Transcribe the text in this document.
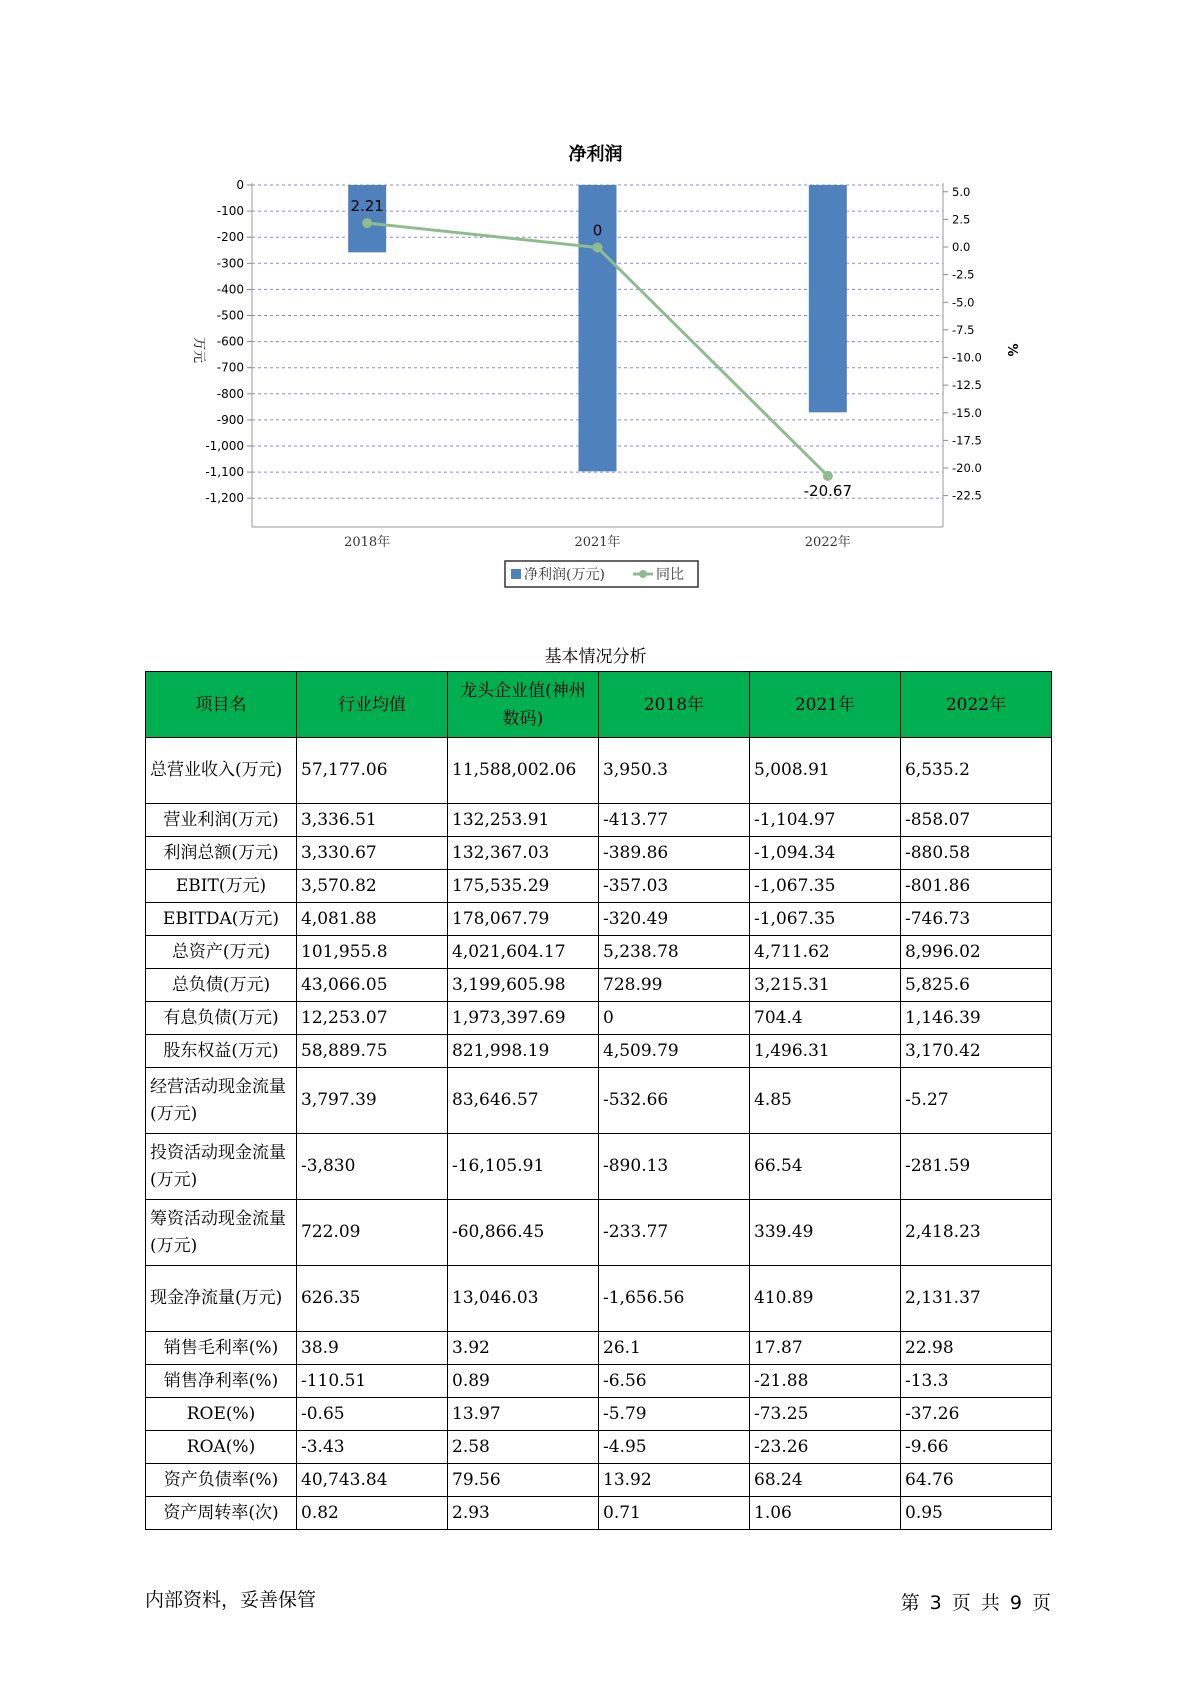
净利润
0
-100
-200
-300
-400
-500
-600
-700
-800
-900
-1,000
-1,100
-1,200
5.0
2.5
0.0
-2.5
-5.0
-7.5
-10.0
-12.5
-15.0
-17.5
-20.0
-22.5
万元	%
2018年	2021年	2022年
2.21
0
-20.67
净利润(万元)	同比
基本情况分析
项目名	行业均值	龙头企业值(神州数码)	2018年	2021年	2022年
总营业收入(万元)	57,177.06	11,588,002.06	3,950.3	5,008.91	6,535.2
营业利润(万元)	3,336.51	132,253.91	-413.77	-1,104.97	-858.07
利润总额(万元)	3,330.67	132,367.03	-389.86	-1,094.34	-880.58
EBIT(万元)	3,570.82	175,535.29	-357.03	-1,067.35	-801.86
EBITDA(万元)	4,081.88	178,067.79	-320.49	-1,067.35	-746.73
总资产(万元)	101,955.8	4,021,604.17	5,238.78	4,711.62	8,996.02
总负债(万元)	43,066.05	3,199,605.98	728.99	3,215.31	5,825.6
有息负债(万元)	12,253.07	1,973,397.69	0	704.4	1,146.39
股东权益(万元)	58,889.75	821,998.19	4,509.79	1,496.31	3,170.42
经营活动现金流量(万元)	3,797.39	83,646.57	-532.66	4.85	-5.27
投资活动现金流量(万元)	-3,830	-16,105.91	-890.13	66.54	-281.59
筹资活动现金流量(万元)	722.09	-60,866.45	-233.77	339.49	2,418.23
现金净流量(万元)	626.35	13,046.03	-1,656.56	410.89	2,131.37
销售毛利率(%)	38.9	3.92	26.1	17.87	22.98
销售净利率(%)	-110.51	0.89	-6.56	-21.88	-13.3
ROE(%)	-0.65	13.97	-5.79	-73.25	-37.26
ROA(%)	-3.43	2.58	-4.95	-23.26	-9.66
资产负债率(%)	40,743.84	79.56	13.92	68.24	64.76
资产周转率(次)	0.82	2.93	0.71	1.06	0.95
内部资料，妥善保管	第 3 页 共 9 页
